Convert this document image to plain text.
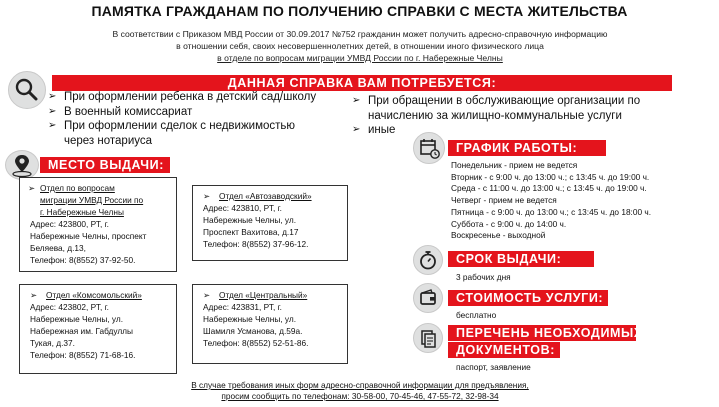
ПАМЯТКА ГРАЖДАНАМ ПО ПОЛУЧЕНИЮ СПРАВКИ С МЕСТА ЖИТЕЛЬСТВА
В соответствии с Приказом МВД России от 30.09.2017 №752 гражданин может получить адресно-справочную информацию
в отношении себя, своих несовершеннолетних детей, в отношении иного физического лица
в отделе по вопросам миграции УМВД России по г. Набережные Челны
ДАННАЯ СПРАВКА ВАМ ПОТРЕБУЕТСЯ:
➢ При оформлении ребенка в детский сад/школу
➢ В военный комиссариат
➢ При оформлении сделок с недвижимостью
через нотариуса
➢ При обращении в обслуживающие организации по
начислению за жилищно-коммунальные услуги
➢ иные
МЕСТО ВЫДАЧИ:
➢ Отдел по вопросам
миграции УМВД России по
г. Набережные Челны
Адрес: 423800, РТ, г.
Набережные Челны, проспект
Беляева, д.13,
Телефон: 8(8552) 37-92-50.
➢ Отдел «Автозаводский»
Адрес: 423810, РТ, г.
Набережные Челны, ул.
Проспект Вахитова, д.17
Телефон: 8(8552) 37-96-12.
➢ Отдел «Комсомольский»
Адрес: 423802, РТ, г.
Набережные Челны, ул.
Набережная им. Габдуллы
Тукая, д.37.
Телефон: 8(8552) 71-68-16.
➢ Отдел «Центральный»
Адрес: 423831, РТ, г.
Набережные Челны, ул.
Шамиля Усманова, д.59а.
Телефон: 8(8552) 52-51-86.
ГРАФИК РАБОТЫ:
Понедельник - прием не ведется
Вторник - с 9:00 ч. до 13:00 ч.; с 13:45 ч. до 19:00 ч.
Среда - с 11:00 ч. до 13:00 ч.; с 13:45 ч. до 19:00 ч.
Четверг - прием не ведется
Пятница - с 9:00 ч. до 13:00 ч.; с 13:45 ч. до 18:00 ч.
Суббота - с 9:00 ч. до 14:00 ч.
Воскресенье - выходной
СРОК ВЫДАЧИ:
3 рабочих дня
СТОИМОСТЬ УСЛУГИ:
бесплатно
ПЕРЕЧЕНЬ НЕОБХОДИМЫХ
ДОКУМЕНТОВ:
паспорт, заявление
В случае требования иных форм адресно-справочной информации для предъявления,
просим сообщить по телефонам: 30-58-00, 70-45-46, 47-55-72, 32-98-34
